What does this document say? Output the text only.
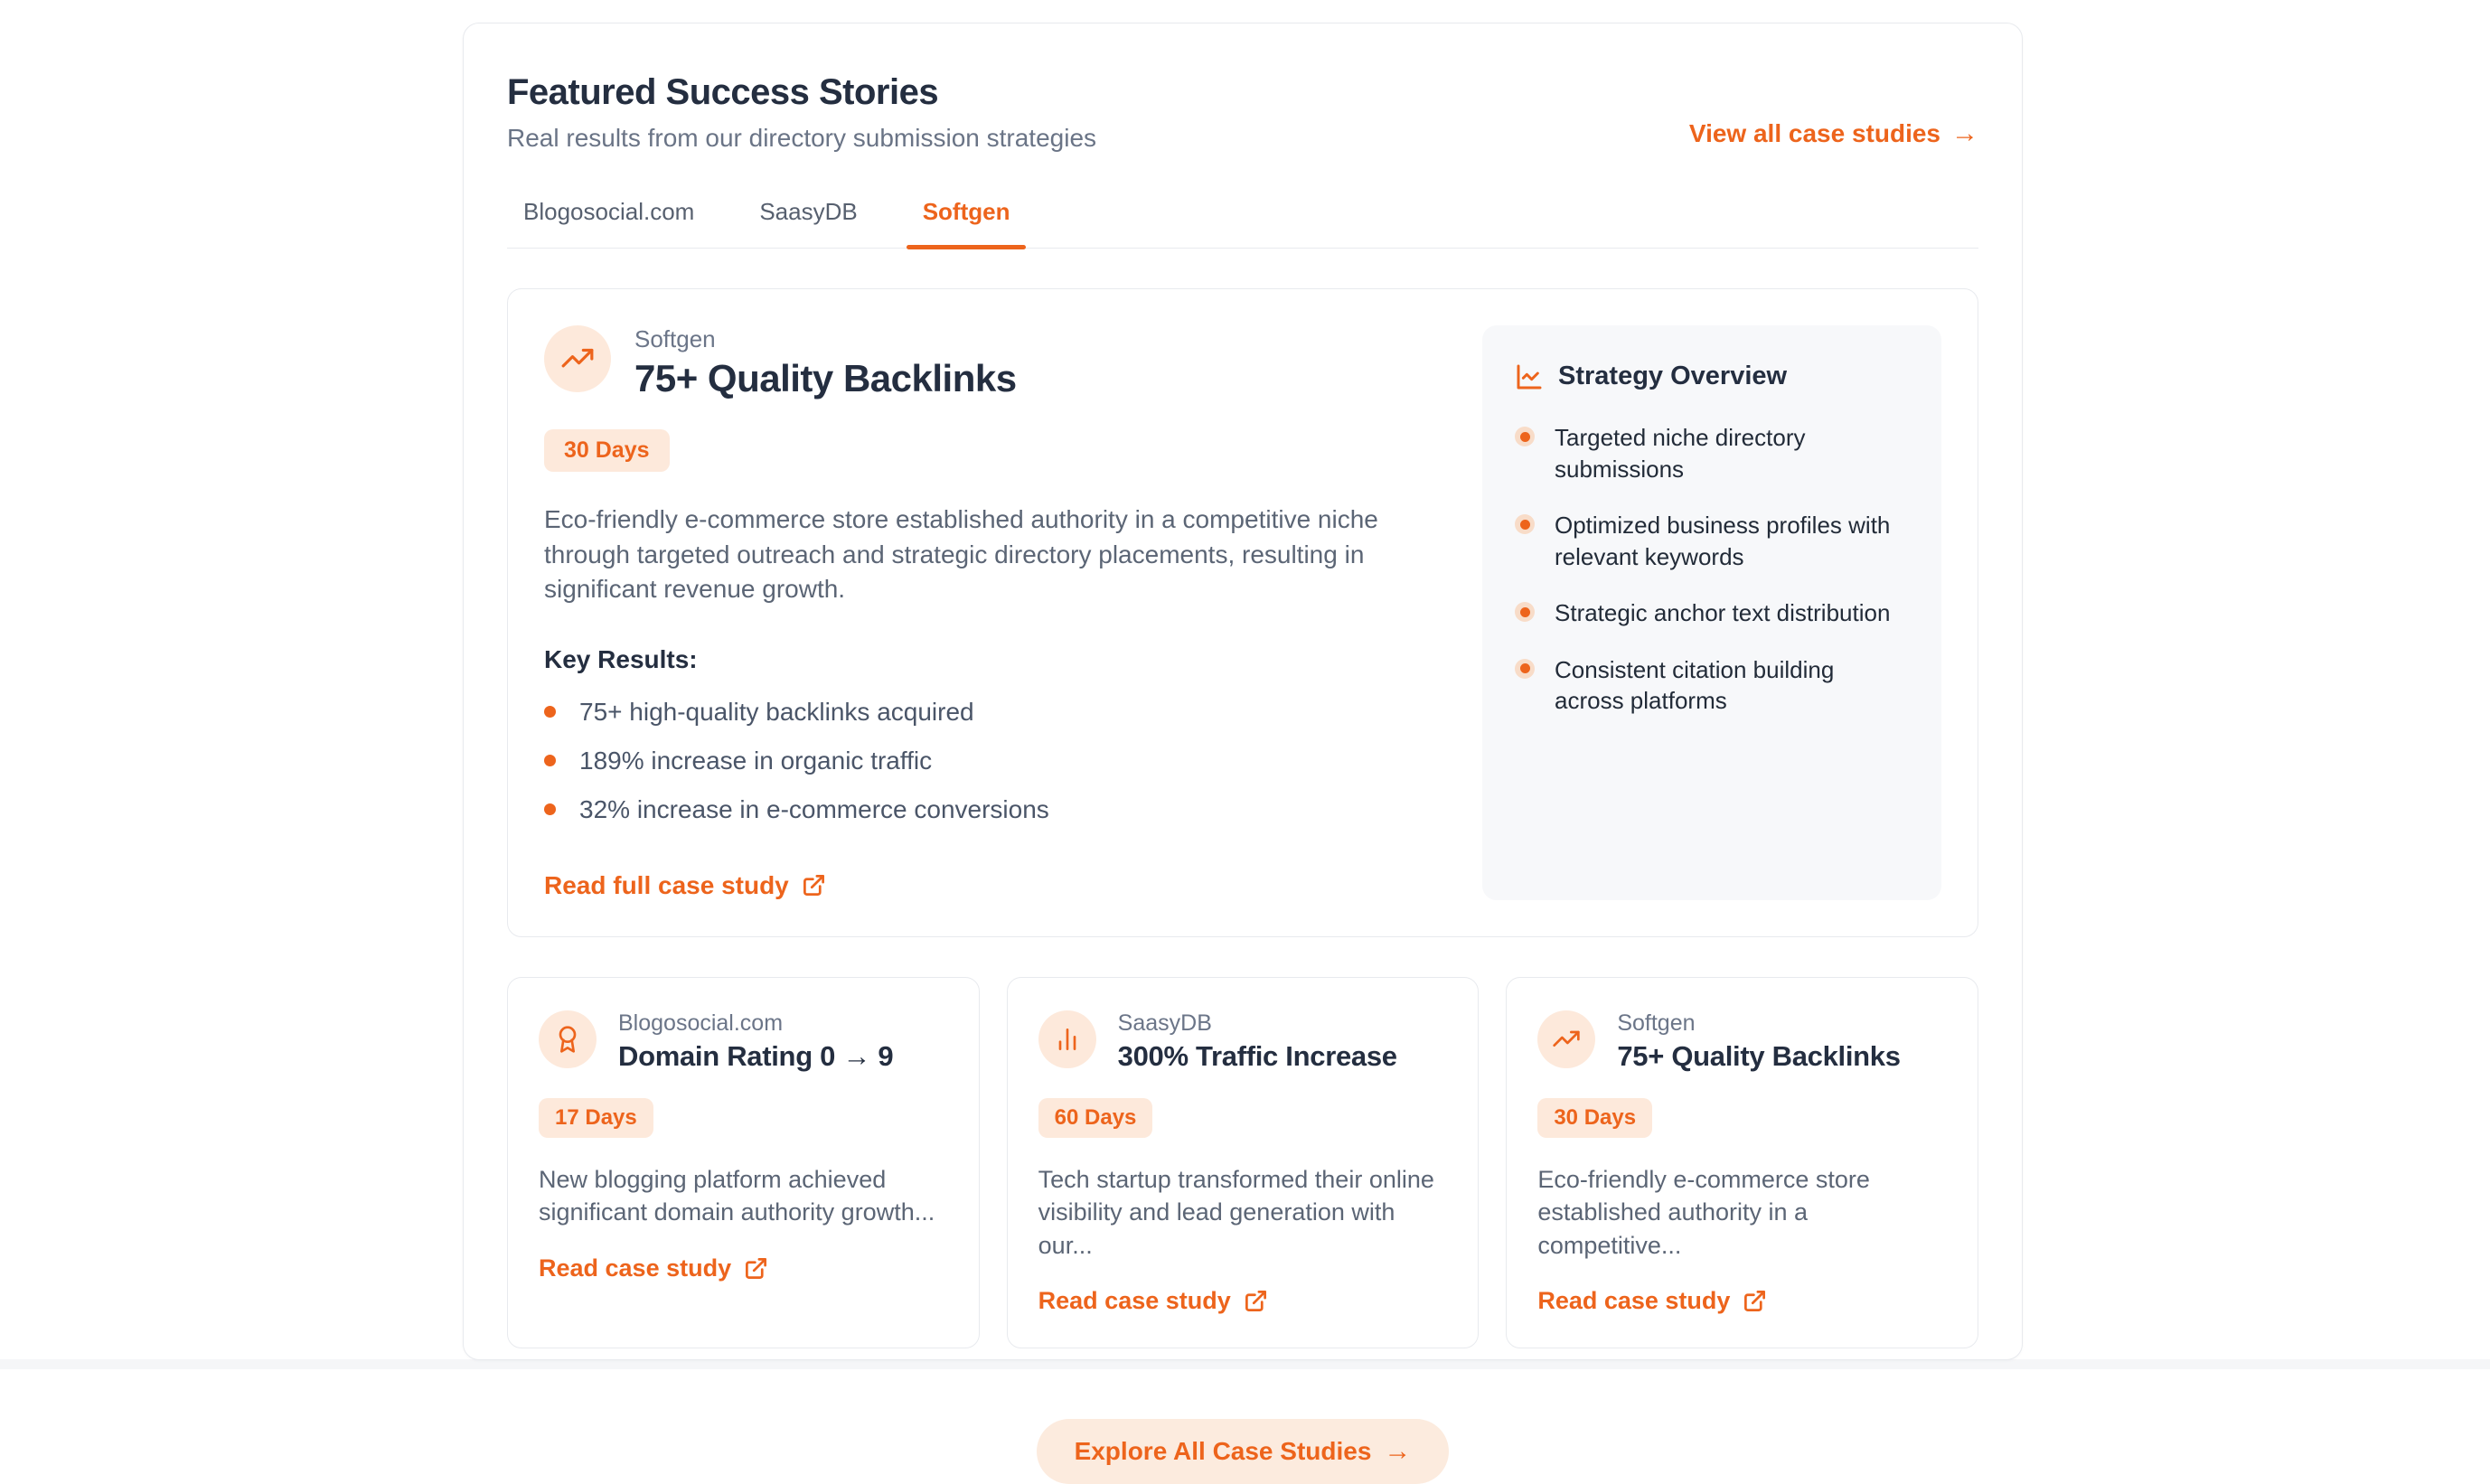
Featured Success Stories
Real results from our directory submission strategies	View all case studies →
Blogosocial.com	SaasyDB	Softgen
Softgen
75+ Quality Backlinks
30 Days

Eco-friendly e-commerce store established authority in a competitive niche through targeted outreach and strategic directory placements, resulting in significant revenue growth.

Key Results:
75+ high-quality backlinks acquired
189% increase in organic traffic
32% increase in e-commerce conversions
Read full case study
Strategy Overview
Targeted niche directory submissions
Optimized business profiles with relevant keywords
Strategic anchor text distribution
Consistent citation building across platforms
Blogosocial.com
Domain Rating 0 → 9
17 Days

New blogging platform achieved significant domain authority growth...

Read case study
SaasyDB
300% Traffic Increase
60 Days

Tech startup transformed their online visibility and lead generation with our...

Read case study
Softgen
75+ Quality Backlinks
30 Days

Eco-friendly e-commerce store established authority in a competitive...

Read case study
Explore All Case Studies →
